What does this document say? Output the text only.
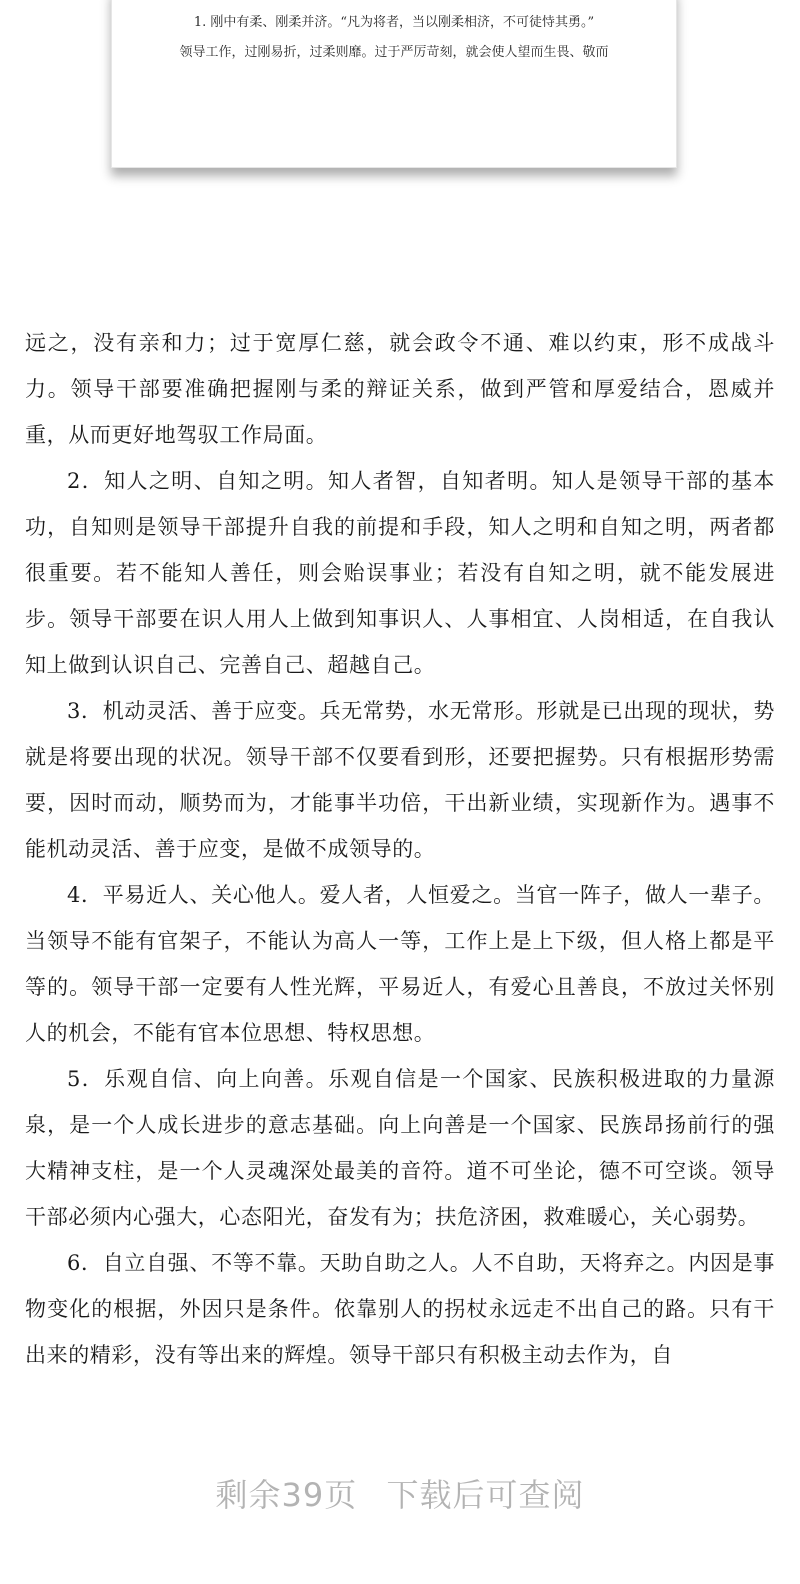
1. 刚中有柔、刚柔并济。“凡为将者，当以刚柔相济，不可徒恃其勇。”
领导工作，过刚易折，过柔则靡。过于严厉苛刻，就会使人望而生畏、敬而

远之，没有亲和力；过于宽厚仁慈，就会政令不通、难以约束，形不成战斗力。领导干部要准确把握刚与柔的辩证关系，做到严管和厚爱结合，恩威并重，从而更好地驾驭工作局面。

2．知人之明、自知之明。知人者智，自知者明。知人是领导干部的基本功，自知则是领导干部提升自我的前提和手段，知人之明和自知之明，两者都很重要。若不能知人善任，则会贻误事业；若没有自知之明，就不能发展进步。领导干部要在识人用人上做到知事识人、人事相宜、人岗相适，在自我认知上做到认识自己、完善自己、超越自己。

3．机动灵活、善于应变。兵无常势，水无常形。形就是已出现的现状，势就是将要出现的状况。领导干部不仅要看到形，还要把握势。只有根据形势需要，因时而动，顺势而为，才能事半功倍，干出新业绩，实现新作为。遇事不能机动灵活、善于应变，是做不成领导的。

4．平易近人、关心他人。爱人者，人恒爱之。当官一阵子，做人一辈子。当领导不能有官架子，不能认为高人一等，工作上是上下级，但人格上都是平等的。领导干部一定要有人性光辉，平易近人，有爱心且善良，不放过关怀别人的机会，不能有官本位思想、特权思想。

5．乐观自信、向上向善。乐观自信是一个国家、民族积极进取的力量源泉，是一个人成长进步的意志基础。向上向善是一个国家、民族昂扬前行的强大精神支柱，是一个人灵魂深处最美的音符。道不可坐论，德不可空谈。领导干部必须内心强大，心态阳光，奋发有为；扶危济困，救难暖心，关心弱势。

6．自立自强、不等不靠。天助自助之人。人不自助，天将弃之。内因是事物变化的根据，外因只是条件。依靠别人的拐杖永远走不出自己的路。只有干出来的精彩，没有等出来的辉煌。领导干部只有积极主动去作为，自

剩余39页 下载后可查阅
